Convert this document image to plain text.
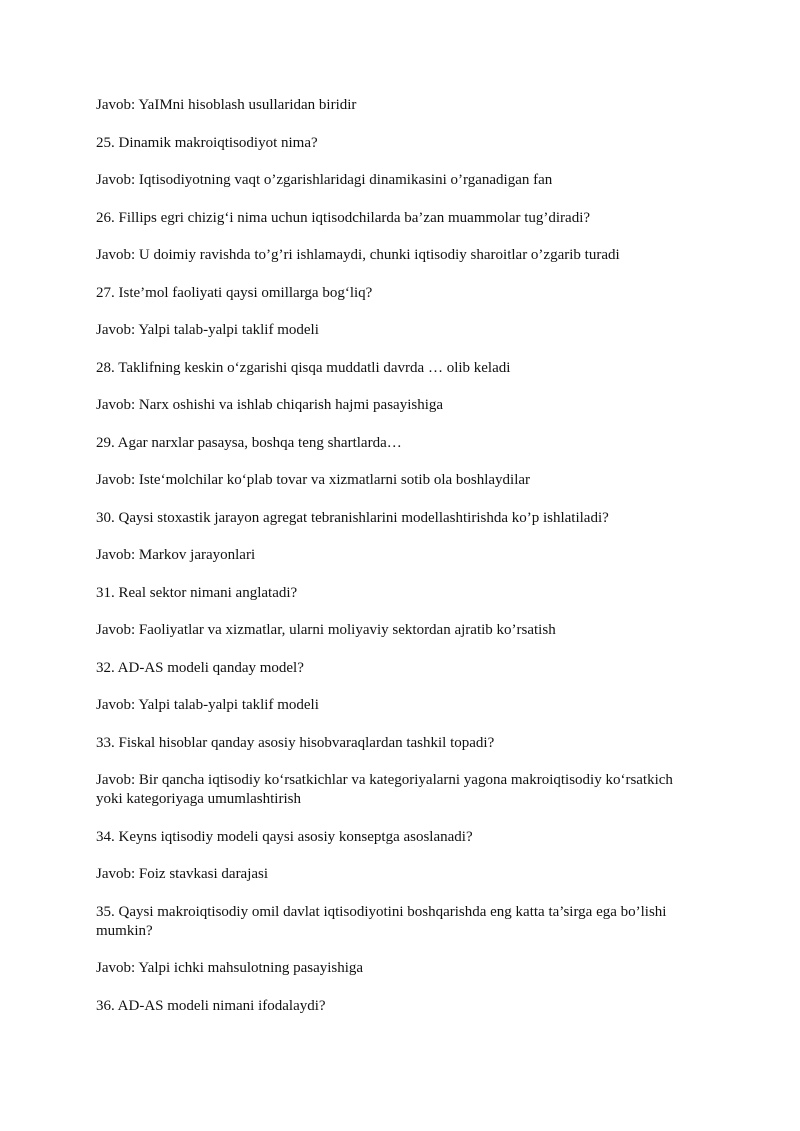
Javob: YaIMni hisoblash usullaridan biridir
25. Dinamik makroiqtisodiyot nima?
Javob: Iqtisodiyotning vaqt o’zgarishlaridagi dinamikasini o’rganadigan fan
26. Fillips egri chizig‘i nima uchun iqtisodchilarda ba’zan muammolar tug’diradi?
Javob: U doimiy ravishda to’g’ri ishlamaydi, chunki iqtisodiy sharoitlar o’zgarib turadi
27. Iste’mol faoliyati qaysi omillarga bog‘liq?
Javob: Yalpi talab-yalpi taklif modeli
28. Taklifning keskin o‘zgarishi qisqa muddatli davrda … olib keladi
Javob: Narx oshishi va ishlab chiqarish hajmi pasayishiga
29. Agar narxlar pasaysa, boshqa teng shartlarda…
Javob: Iste‘molchilar ko‘plab tovar va xizmatlarni sotib ola boshlaydilar
30. Qaysi stoxastik jarayon agregat tebranishlarini modellashtirishda ko’p ishlatiladi?
Javob: Markov jarayonlari
31. Real sektor nimani anglatadi?
Javob: Faoliyatlar va xizmatlar, ularni moliyaviy sektordan ajratib ko’rsatish
32. AD-AS modeli qanday model?
Javob: Yalpi talab-yalpi taklif modeli
33. Fiskal hisoblar qanday asosiy hisobvaraqlardan tashkil topadi?
Javob: Bir qancha iqtisodiy ko‘rsatkichlar va kategoriyalarni yagona makroiqtisodiy ko‘rsatkich yoki kategoriyaga umumlashtirish
34. Keyns iqtisodiy modeli qaysi asosiy konseptga asoslanadi?
Javob: Foiz stavkasi darajasi
35. Qaysi makroiqtisodiy omil davlat iqtisodiyotini boshqarishda eng katta ta’sirga ega bo’lishi mumkin?
Javob: Yalpi ichki mahsulotning pasayishiga
36. AD-AS modeli nimani ifodalaydi?
